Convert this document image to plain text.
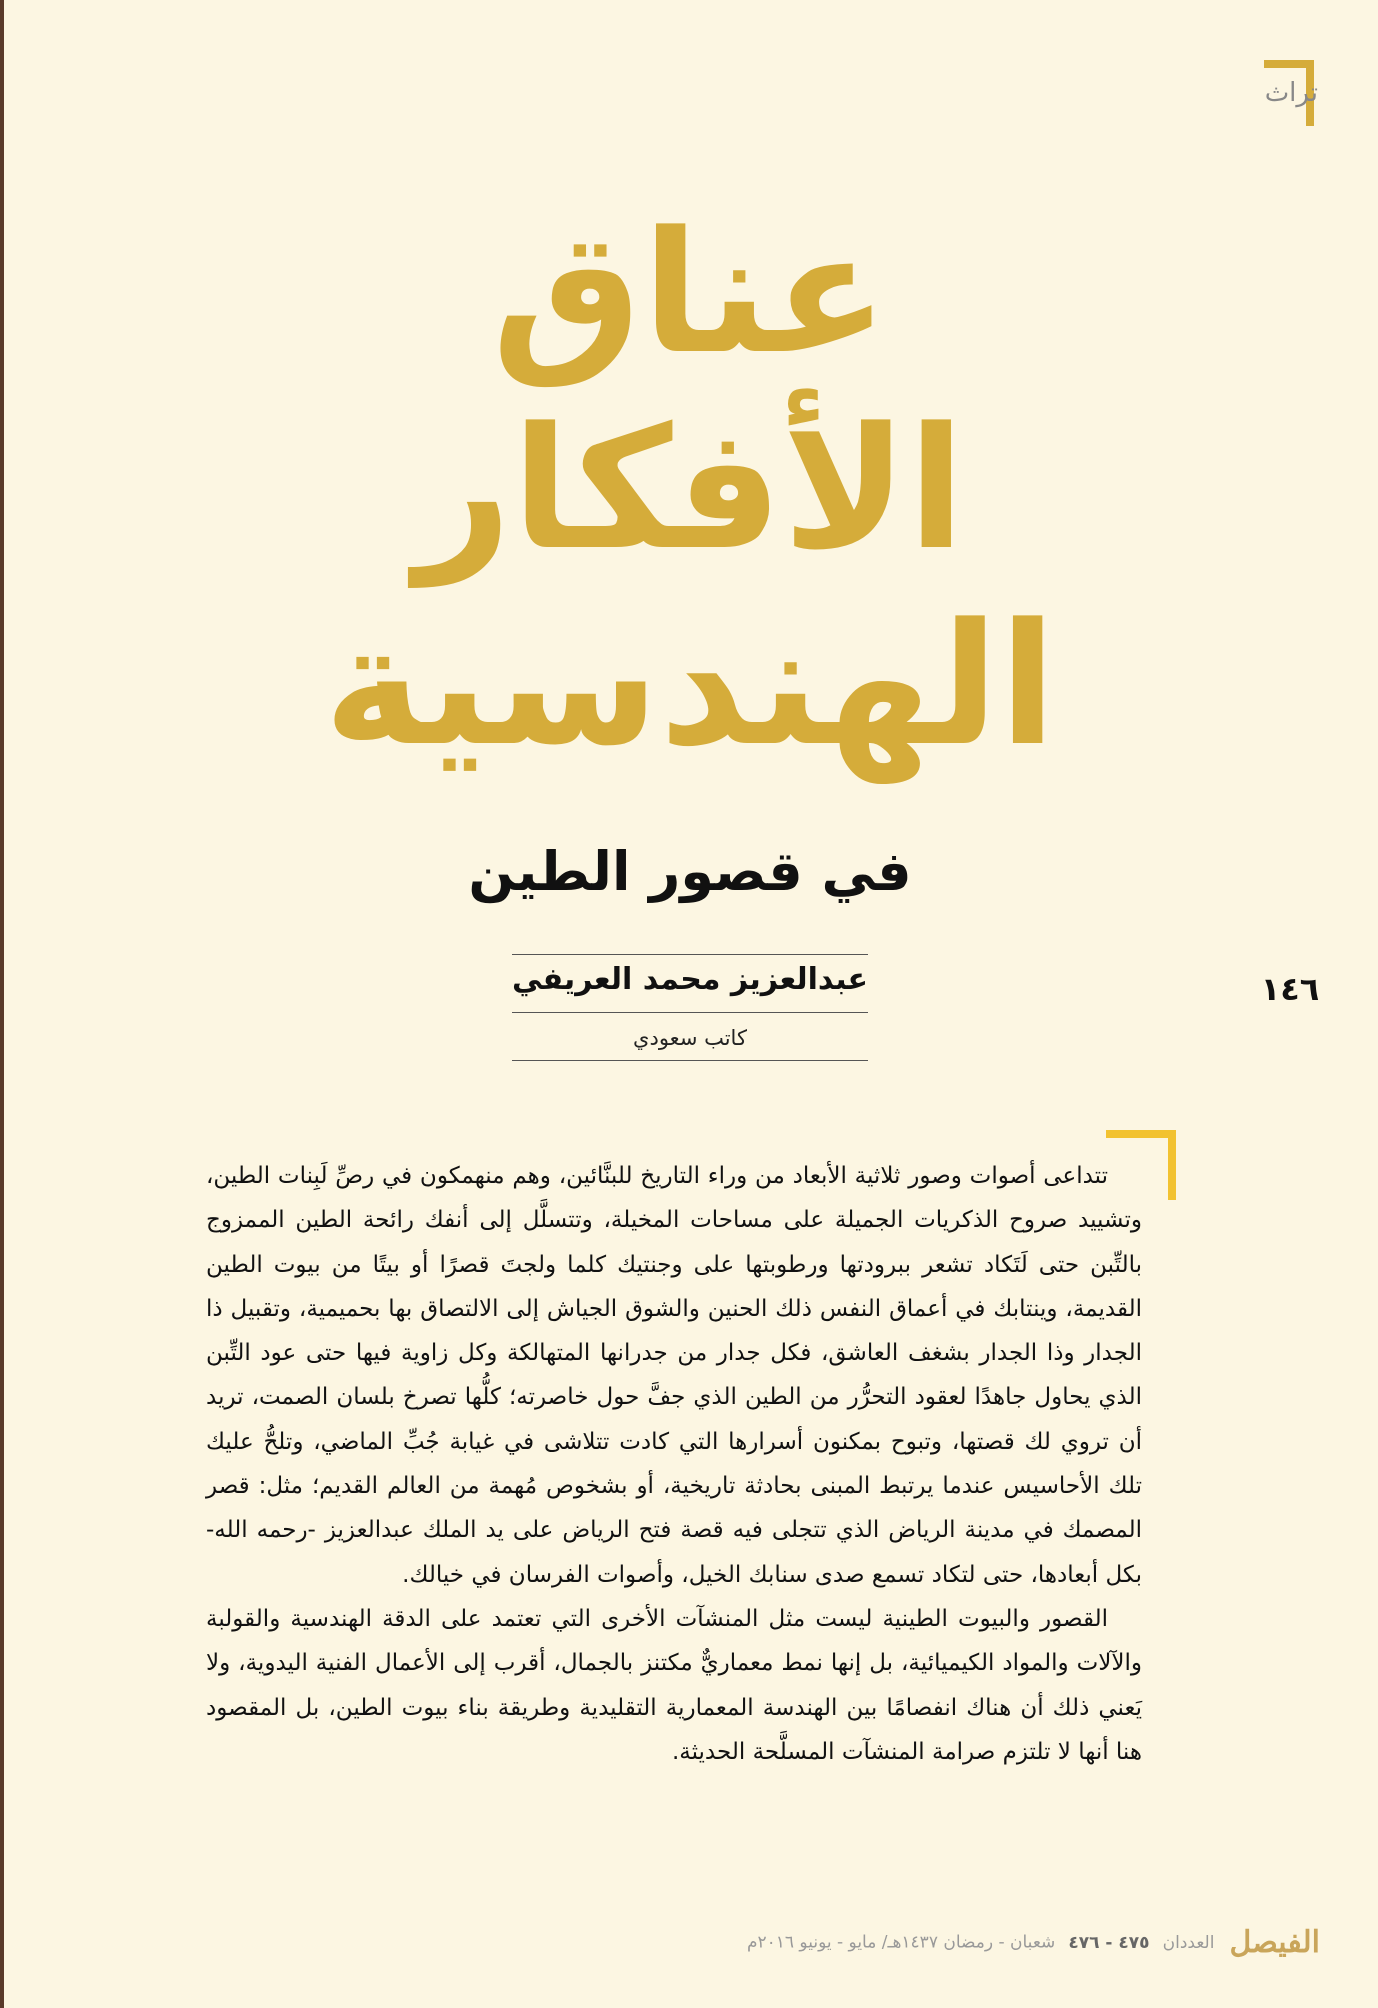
تراث
عناق
الأفكار
الهندسية
في قصور الطين
عبدالعزيز محمد العريفي
كاتب سعودي
١٤٦

تتداعى أصوات وصور ثلاثية الأبعاد من وراء التاريخ للبنَّائين، وهم منهمكون في رصِّ لَبِنات الطين، وتشييد صروح الذكريات الجميلة على مساحات المخيلة، وتتسلَّل إلى أنفك رائحة الطين الممزوج بالتِّبن حتى لَتَكاد تشعر ببرودتها ورطوبتها على وجنتيك كلما ولجتَ قصرًا أو بيتًا من بيوت الطين القديمة، وينتابك في أعماق النفس ذلك الحنين والشوق الجياش إلى الالتصاق بها بحميمية، وتقبيل ذا الجدار وذا الجدار بشغف العاشق، فكل جدار من جدرانها المتهالكة وكل زاوية فيها حتى عود التِّبن الذي يحاول جاهدًا لعقود التحرُّر من الطين الذي جفَّ حول خاصرته؛ كلُّها تصرخ بلسان الصمت، تريد أن تروي لك قصتها، وتبوح بمكنون أسرارها التي كادت تتلاشى في غيابة جُبِّ الماضي، وتلحُّ عليك تلك الأحاسيس عندما يرتبط المبنى بحادثة تاريخية، أو بشخوص مُهمة من العالم القديم؛ مثل: قصر المصمك في مدينة الرياض الذي تتجلى فيه قصة فتح الرياض على يد الملك عبدالعزيز -رحمه الله- بكل أبعادها، حتى لتكاد تسمع صدى سنابك الخيل، وأصوات الفرسان في خيالك.

القصور والبيوت الطينية ليست مثل المنشآت الأخرى التي تعتمد على الدقة الهندسية والقولبة والآلات والمواد الكيميائية، بل إنها نمط معماريٌّ مكتنز بالجمال، أقرب إلى الأعمال الفنية اليدوية، ولا يَعني ذلك أن هناك انفصامًا بين الهندسة المعمارية التقليدية وطريقة بناء بيوت الطين، بل المقصود هنا أنها لا تلتزم صرامة المنشآت المسلَّحة الحديثة.

الفيصل العددان ٤٧٥ - ٤٧٦ شعبان - رمضان ١٤٣٧هـ/ مايو - يونيو ٢٠١٦م
